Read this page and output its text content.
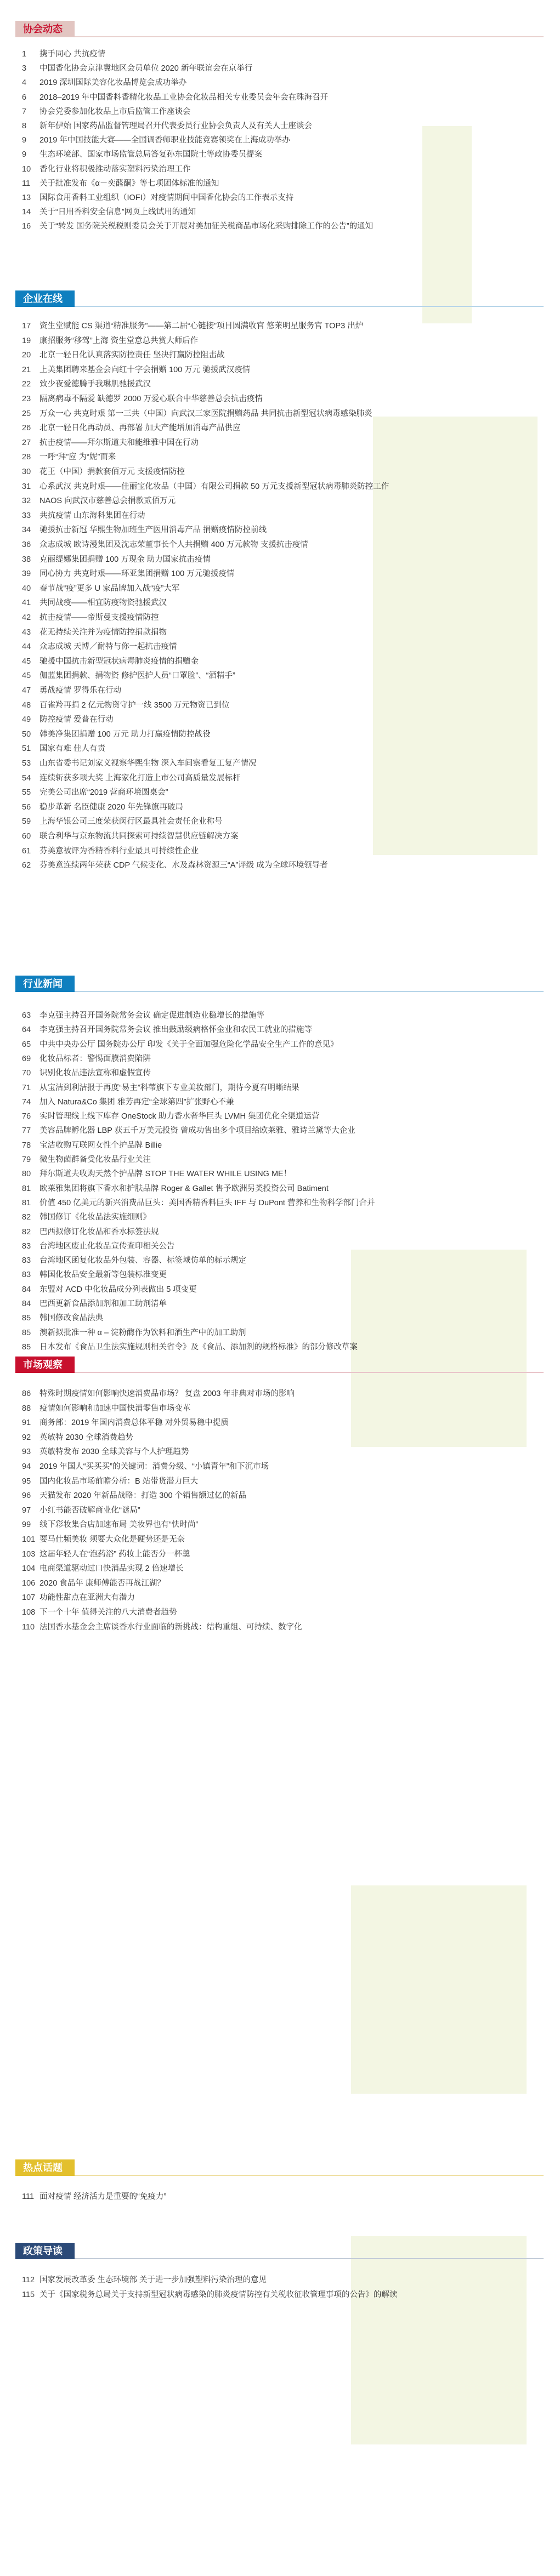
协会动态
1 携手同心 共抗疫情
3 中国香化协会京津冀地区会员单位 2020 新年联谊会在京举行
4 2019 深圳国际美容化妆品博览会成功举办
6 2018–2019 年中国香料香精化妆品工业协会化妆品相关专业委员会年会在珠海召开
7 协会党委参加化妆品上市后监管工作座谈会
8 新年伊始 国家药品监督管理局召开代表委员行业协会负责人及有关人士座谈会
9 2019 年中国技能大赛——全国调香师职业技能竞赛领奖在上海成功举办
9 生态环境部、国家市场监管总局答复孙东国院士等政协委员提案
10 香化行业将积极推动落实塑料污染治理工作
11 关于批准发布《α－奕醛酮》等七项团体标准的通知
13 国际食用香料工业组织（IOFI）对疫情期间中国香化协会的工作表示支持
14 关于“日用香料安全信息”网页上线试用的通知
16 关于“转发 国务院关税税则委员会关于开展对美加征关税商品市场化采购排除工作的公告”的通知
企业在线
17 资生堂赋能 CS 渠道“精准服务”——第二届“心链接”项目圆满收官 悠莱明星服务官 TOP3 出炉
19 康招服务“移驾”上海 资生堂意总共赏大师后作
20 北京一轻日化认真落实防控责任 坚决打赢防控阻击战
21 上美集团聘来基金会向红十字会捐赠 100 万元 驰援武汉疫情
22 致少夜爱德腾手我琳肌驰援武汉
23 隔离病毒不隔爱 缺德罗 2000 万爱心联合中华慈善总会抗击疫情
25 万众一心 共克时艰 第一三共（中国）向武汉三家医院捐赠药品 共同抗击新型冠状病毒感染肺炎
26 北京一轻日化再动员、再部署 加大产能增加消毒产品供应
27 抗击疫情——拜尔斯道夫和能维雅中国在行动
28 一呼“拜”应 为“妮”而来
30 花王（中国）捐款套佰万元 支援疫情防控
31 心系武汉 共克时艰——佳丽宝化妆品（中国）有限公司捐款 50 万元支援新型冠状病毒肺炎防控工作
32 NAOS 向武汉市慈善总会捐款贰佰万元
33 共抗疫情 山东海科集团在行动
34 驰援抗击新冠 华熙生物加班生产医用消毒产品 捐赠疫情防控前线
36 众志成城 欧诗漫集团及沈志荣董事长个人共捐赠 400 万元款物 支援抗击疫情
38 克丽缇娜集团捐赠 100 万现金 助力国家抗击疫情
39 同心协力 共克时艰——环亚集团捐赠 100 万元驰援疫情
40 春节战“疫”更多 U 家品牌加入战“疫”大军
41 共同战疫——相宜防疫物资驰援武汉
42 抗击疫情——帝斯曼支援疫情防控
43 花无持续关注并为疫情防控捐款捐物
44 众志成城 天博／耐特与你一起抗击疫情
45 驰援中国抗击新型冠状病毒肺炎疫情的捐赠金
45 伽蓝集团捐款、捐物资 修护医护人员“口罩脸”、“酒精手”
47 勇战疫情 罗得乐在行动
48 百雀羚再捐 2 亿元物资守护一线 3500 万元物资已到位
49 防控疫情 爱普在行动
50 韩美净集团捐赠 100 万元 助力打赢疫情防控战役
51 国家有难 佳人有责
53 山东省委书记刘家义视察华熙生物 深入车间察看复工复产情况
54 连续斩获多项大奖 上海家化打造上市公司高质量发展标杆
55 完美公司出席“2019 营商环境圆桌会”
56 稳步革新 名臣健康 2020 年先锋旗再破局
59 上海华银公司三度荣获闵行区最具社会责任企业称号
60 联合利华与京东物流共同探索可持续智慧供应链解决方案
61 芬美意被评为香精香料行业最具可持续性企业
62 芬美意连续两年荣获 CDP 气候变化、水及森林资源三“A”评级 成为全球环境领导者
行业新闻
63 李克强主持召开国务院常务会议 确定促进制造业稳增长的措施等
64 李克强主持召开国务院常务会议 推出鼓励级病格怀金业和农民工就业的措施等
65 中共中央办公厅 国务院办公厅 印发《关于全面加强危险化学品安全生产工作的意见》
69 化妆品标者：警惕面膜消费陷阱
70 识别化妆品违法宣称和虚假宣传
71 从宝洁到利洁报于再度“易主”科蒂旗下专业美妆部门，期待今夏有明晰结果
74 加入 Natura&Co 集团 雅芳再定“全球第四”扩张野心不兼
76 实时管理线上线下库存 OneStock 助力香水奢华巨头 LVMH 集团优化全渠道运营
77 美容品牌孵化器 LBP 获五千万美元投资 曾成功售出多个项目给欧莱雅、雅诗兰黛等大企业
78 宝洁收购互联网女性个护品牌 Billie
79 微生物菌群备受化妆品行业关注
80 拜尔斯道夫收购天然个护品牌 STOP THE WATER WHILE USING ME！
81 欧莱雅集团将旗下香水和护肤品牌 Roger & Gallet 售予欧洲另类投资公司 Batiment
81 价值 450 亿美元的新兴消费品巨头：美国香精香料巨头 IFF 与 DuPont 营养和生物科学部门合并
82 韩国修订《化妆品法实施细则》
82 巴西拟修订化妆品和香水标签法规
83 台湾地区废止化妆品宣传查印相关公告
83 台湾地区函复化妆品外包装、容器、标签域仿单的标示规定
83 韩国化妆品安全最新等包装标准变更
84 东盟对 ACD 中化妆品成分列表做出 5 项变更
84 巴西更新食品添加剂和加工助剂清单
85 韩国修改食品法典
85 澳新拟批准一种 α – 淀粉酶作为饮料和酒生产中的加工助剂
85 日本发布《食品卫生法实施规则相关省令》及《食品、添加剂的规格标准》的部分修改草案
市场观察
86 特殊时期疫情如何影响快速消费品市场？ 复盘 2003 年非典对市场的影响
88 疫情如何影响和加速中国快消零售市场变革
91 商务部：2019 年国内消费总体平稳 对外贸易稳中提质
92 英敏特 2030 全球消费趋势
93 英敏特发布 2030 全球美容与个人护理趋势
94 2019 年国人“买买买”的关键词：消费分级、“小镇青年”和下沉市场
95 国内化妆品市场前瞻分析：B 站带货潜力巨大
96 天猫发布 2020 年新品战略：打造 300 个销售额过亿的新品
97 小红书能否破解商业化“谜局”
99 线下彩妆集合店加速布局 美妆界也有“快时尚”
101 要马仕频美妆 须要大众化是硬势还是无奈
103 这届年轻人在“泡药浴” 药妆上能否分一杯羹
104 电商渠道驱动过口快消品实现 2 倍速增长
106 2020 食品年 康师傅能否再战江湖？
107 功能性甜点在亚洲大有潜力
108 下一个十年 值得关注的八大消费者趋势
110 法国香水基金会主席谈香水行业面临的新挑战：结构重组、可持续、数字化
热点话题
111 面对疫情 经济活力是重要的“免疫力”
政策导读
112 国家发展改革委 生态环境部 关于进一步加强塑料污染治理的意见
115 关于《国家税务总局关于支持新型冠状病毒感染的肺炎疫情防控有关税收征收管理事项的公告》的解读
